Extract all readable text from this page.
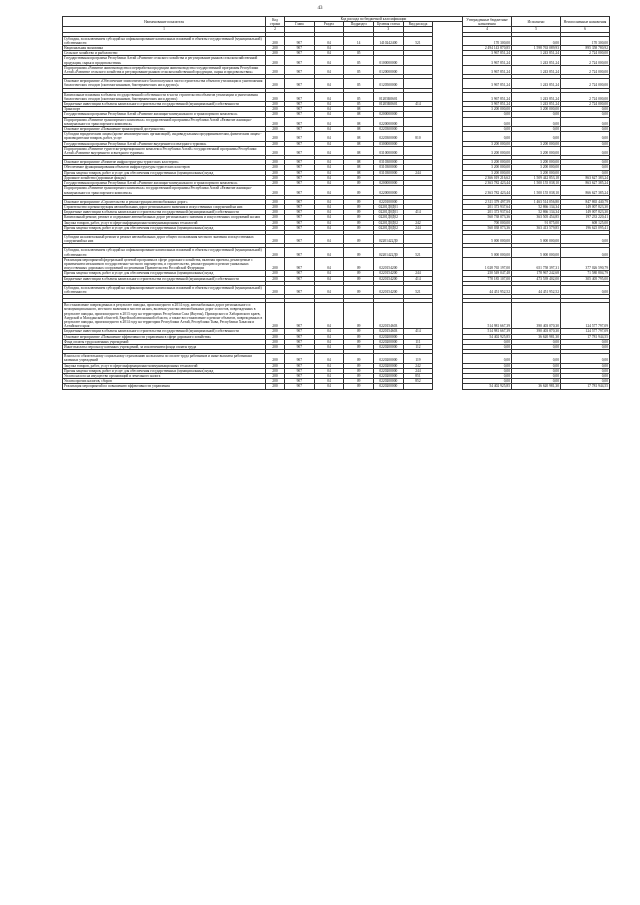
43
Наименование показателя	Код строки	Код расхода по бюджетной классификации						Утвержденные бюджетные назначения	Исполнено	Неисполненные назначения
		Глава	Раздел	Подраздел	Целевая статья	Вид расхода				
1	2				3			4	5	6

Субсидия, за исключением субсидий на софинансирование капитальных вложений в объекты государственной (муниципальной) собственности	200	907	04	14	1410242400	521		170 300,00	0,00	170 300,00
Национальная экономика	200	907	04					2 494 143 870,85	1 598 763 089,93	895 358 780,92
Сельское хозяйство и рыболовство	200	907	04	05				3 967 851,24	1 243 851,24	2 724 000,00
Государственная программа Республики Алтай «Развитие сельского хозяйства и регулирование рынков сельскохозяйственной продукции, сырья и продовольствия»	200	907	04	05	0100000000			3 967 851,24	1 243 851,24	2 724 000,00
Подпрограмма «Развитие животноводства и переработки продукции животноводства государственной программы Республики Алтай «Развитие сельского хозяйства и регулирование рынков сельскохозяйственной продукции, сырья и продовольствия»	200	907	04	05	0120000000			3 967 851,24	1 243 851,24	2 724 000,00

Основное мероприятие «Обеспечение эпизоотического благополучия в части строительства объектов утилизации и уничтожения биологических отходов (скотомогильников, биотермических ям и других)»	200	907	04	05	0120500000			3 967 851,24	1 243 851,24	2 724 000,00

Капитальные вложения в объекты государственной собственности в части строительства объектов утилизации и уничтожения биологических отходов (скотомогильников, биотермических ям и других)	200	907	04	05	01205К0601			3 967 851,24	1 243 851,24	2 724 000,00
Бюджетные инвестиции в объекты капитального строительства государственной (муниципальной) собственности	200	907	04	05	01205К0601	414		3 967 851,24	1 243 851,24	2 724 000,00
Транспорт	200	907	04	08				3 200 000,00	3 200 000,00	0,00
Государственная программа Республики Алтай «Развитие жилищно-коммунального и транспортного комплекса»	200	907	04	08	0200000000			0,00	0,00	0,00
Подпрограмма «Развитие транспортного комплекса» государственной программы Республики Алтай «Развитие жилищно-коммунального и транспортного комплекса»	200	907	04	08	0220000000			0,00	0,00	0,00
Основное мероприятие «Повышение транспортной доступности»	200	907	04	08	0220300000			0,00	0,00	0,00
Субсидии юридическим лицам (кроме некоммерческих организаций), индивидуальным предпринимателям, физическим лицам - производителям товаров, работ, услуг	200	907	04	08	0220300000	810		0,00	0,00	0,00
Государственная программа Республики Алтай «Развитие внутреннего и въездного туризма»	200	907	04	08	0300000000			3 200 000,00	3 200 000,00	0,00
Подпрограмма «Развитие туристско-рекреационного комплекса Республики Алтай» государственной программы Республики Алтай «Развитие внутреннего и въездного туризма»	200	907	04	08	0310000000			3 200 000,00	3 200 000,00	0,00

Основное мероприятие «Развитие инфраструктуры туристских кластеров»	200	907	04	08	0310300000			3 200 000,00	3 200 000,00	0,00
Обеспечение функционирования объектов инфраструктуры туристских кластеров	200	907	04	08	0310300000			3 200 000,00	3 200 000,00	0,00
Прочая закупка товаров, работ и услуг для обеспечения государственных (муниципальных) нужд	200	907	04	08	0310300000	244		3 200 000,00	3 200 000,00	0,00
Дорожное хозяйство (дорожные фонды)	200	907	04	09				2 366 019 216,62	1 509 442 853,18	863 627 383,24
Государственная программа Республики Алтай «Развитие жилищно-коммунального и транспортного комплекса»	200	907	04	09	0200000000			2 363 782 423,44	1 500 155 038,10	863 627 385,24
Подпрограмма «Развитие транспортного комплекса» государственной программы Республики Алтай «Развитие жилищно-коммунального и транспортного комплекса»	200	907	04	09	0220000000			2 363 782 423,44	1 500 155 038,10	866 627 385,24

Основное мероприятие «Строительство и реконструкция автомобильных дорог»	200	907	04	09	0220100000			2 311 379 497,59	1 463 514 056,80	847 865 440,79
Строительство и реконструкция автомобильных дорог регионального значения и искусственных сооружений на них	200	907	04	09	02201Д0Д01			201 373 937,64	52 866 134,34	149 007 823,30
Бюджетные инвестиции в объекты капитального строительства государственной (муниципальной) собственности	200	907	04	09	02201Д0Д01	414		201 373 937,64	52 866 134,34	149 007 823,30
Капитальный ремонт, ремонт и содержание автомобильных дорог регионального значения и искусственных сооружений на них	200	907	04	09	02201Д0Д02			560 738 073,36	363 505 454,85	197 233 220,41
Закупка товаров, работ, услуг в сфере информационно-коммуникационных технологий	200	907	04	09	02201Д0Д02	242		700 000,00	91 875,00	608 125,00
Прочая закупка товаров, работ и услуг для обеспечения государственных (муниципальных) нужд	200	907	04	09	02201Д0Д02	244		560 038 073,36	363 413 579,85	196 625 095,41

Субсидии на капитальный ремонт и ремонт автомобильных дорог общего пользования местного значения и искусственных сооружений на них	200	907	04	09	02201422Д0			5 000 000,00	5 000 000,00	0,00

Субсидия, за исключением субсидий на софинансирование капитальных вложений в объекты государственной (муниципальной) собственности	200	907	04	09	02201422Д0	521		5 000 000,00	5 000 000,00	0,00
Реализация мероприятий федеральной целевой программы в сфере дорожного хозяйства, включая проекты, реализуемые с применением механизмов государственно-частного партнерства, и строительство, реконструкцию и ремонт уникальных искусственных дорожных сооружений по решениям Правительства Российской Федерации	200	907	04	09	0220154200			1 028 765 197,00	651 758 397,31	377 026 590,79
Прочая закупка товаров, работ и услуг для обеспечения государственных (муниципальных) нужд	200	907	04	09	0220154200	244		250 549 047,48	178 967 242,68	71 580 804,79
Бюджетные инвестиции в объекты капитального строительства государственной (муниципальной) собственности	200	907	04	09	0220154200	414		778 185 107,00	473 539 402,00	305 405 795,00

Субсидия, за исключением субсидий на софинансирование капитальных вложений в объекты государственной (муниципальной) собственности	200	907	04	09	0220154200	521		44 451 952,52	44 451 952,52	0,00

Восстановление поврежденных в результате паводка, произошедшего в 2014 году, автомобильных дорог регионального и межмуниципального, местного значения и мостов на них, включая участки автомобильных дорог и мостов, поврежденных в результате паводка, произошедшего в 2013 году на территориях Республики Саха (Якутия), Приморского и Хабаровского краев, Амурской и Магаданской областей, Еврейской автономной области, а также восстановление и ремонт объектов, поврежденных в результате паводка, произошедшего в 2014 году на территории Республики Алтай, Республики Тыва, Республики Хакасия и Алтайского края	200	907	04	09	0220154603			514 981 667,39	390 403 070,30	124 577 797,09
Бюджетные инвестиции в объекты капитального строительства государственной (муниципальной) собственности	200	907	04	09	0220154603	414		514 981 667,39	390 403 870,30	124 577 797,09
Основное мероприятие «Повышение эффективности управления в сфере дорожного хозяйства»	200	907	04	09	0220200000			54 402 925,85	36 620 981,30	17 781 944,55
Фонд оплаты труда казенных учреждений	200	907	04	09	0220200000	111		0,00	0,00	0,00
Иные выплаты персоналу казенных учреждений, за исключением фонда оплаты труда	200	907	04	09	0220200000	112		0,00	0,00	0,00

Взносы по обязательному социальному страхованию на выплаты по оплате труда работников и иные выплаты работникам казенных учреждений	200	907	04	09	0220200000	119		0,00	0,00	0,00
Закупка товаров, работ, услуг в сфере информационно-коммуникационных технологий	200	907	04	09	0220200000	242		0,00	0,00	0,00
Прочая закупка товаров, работ и услуг для обеспечения государственных (муниципальных) нужд	200	907	04	09	0220200000	244		0,00	0,00	0,00
Уплата налога на имущество организаций и земельного налога	200	907	04	09	0220200000	851		0,00	0,00	0,00
Уплата прочих налогов, сборов	200	907	04	09	0220200000	852		0,00	0,00	0,00
Реализация мероприятий по повышению эффективности управления	200	907	04	09	0220200000			54 402 925,85	36 620 981,30	17 781 944,55
